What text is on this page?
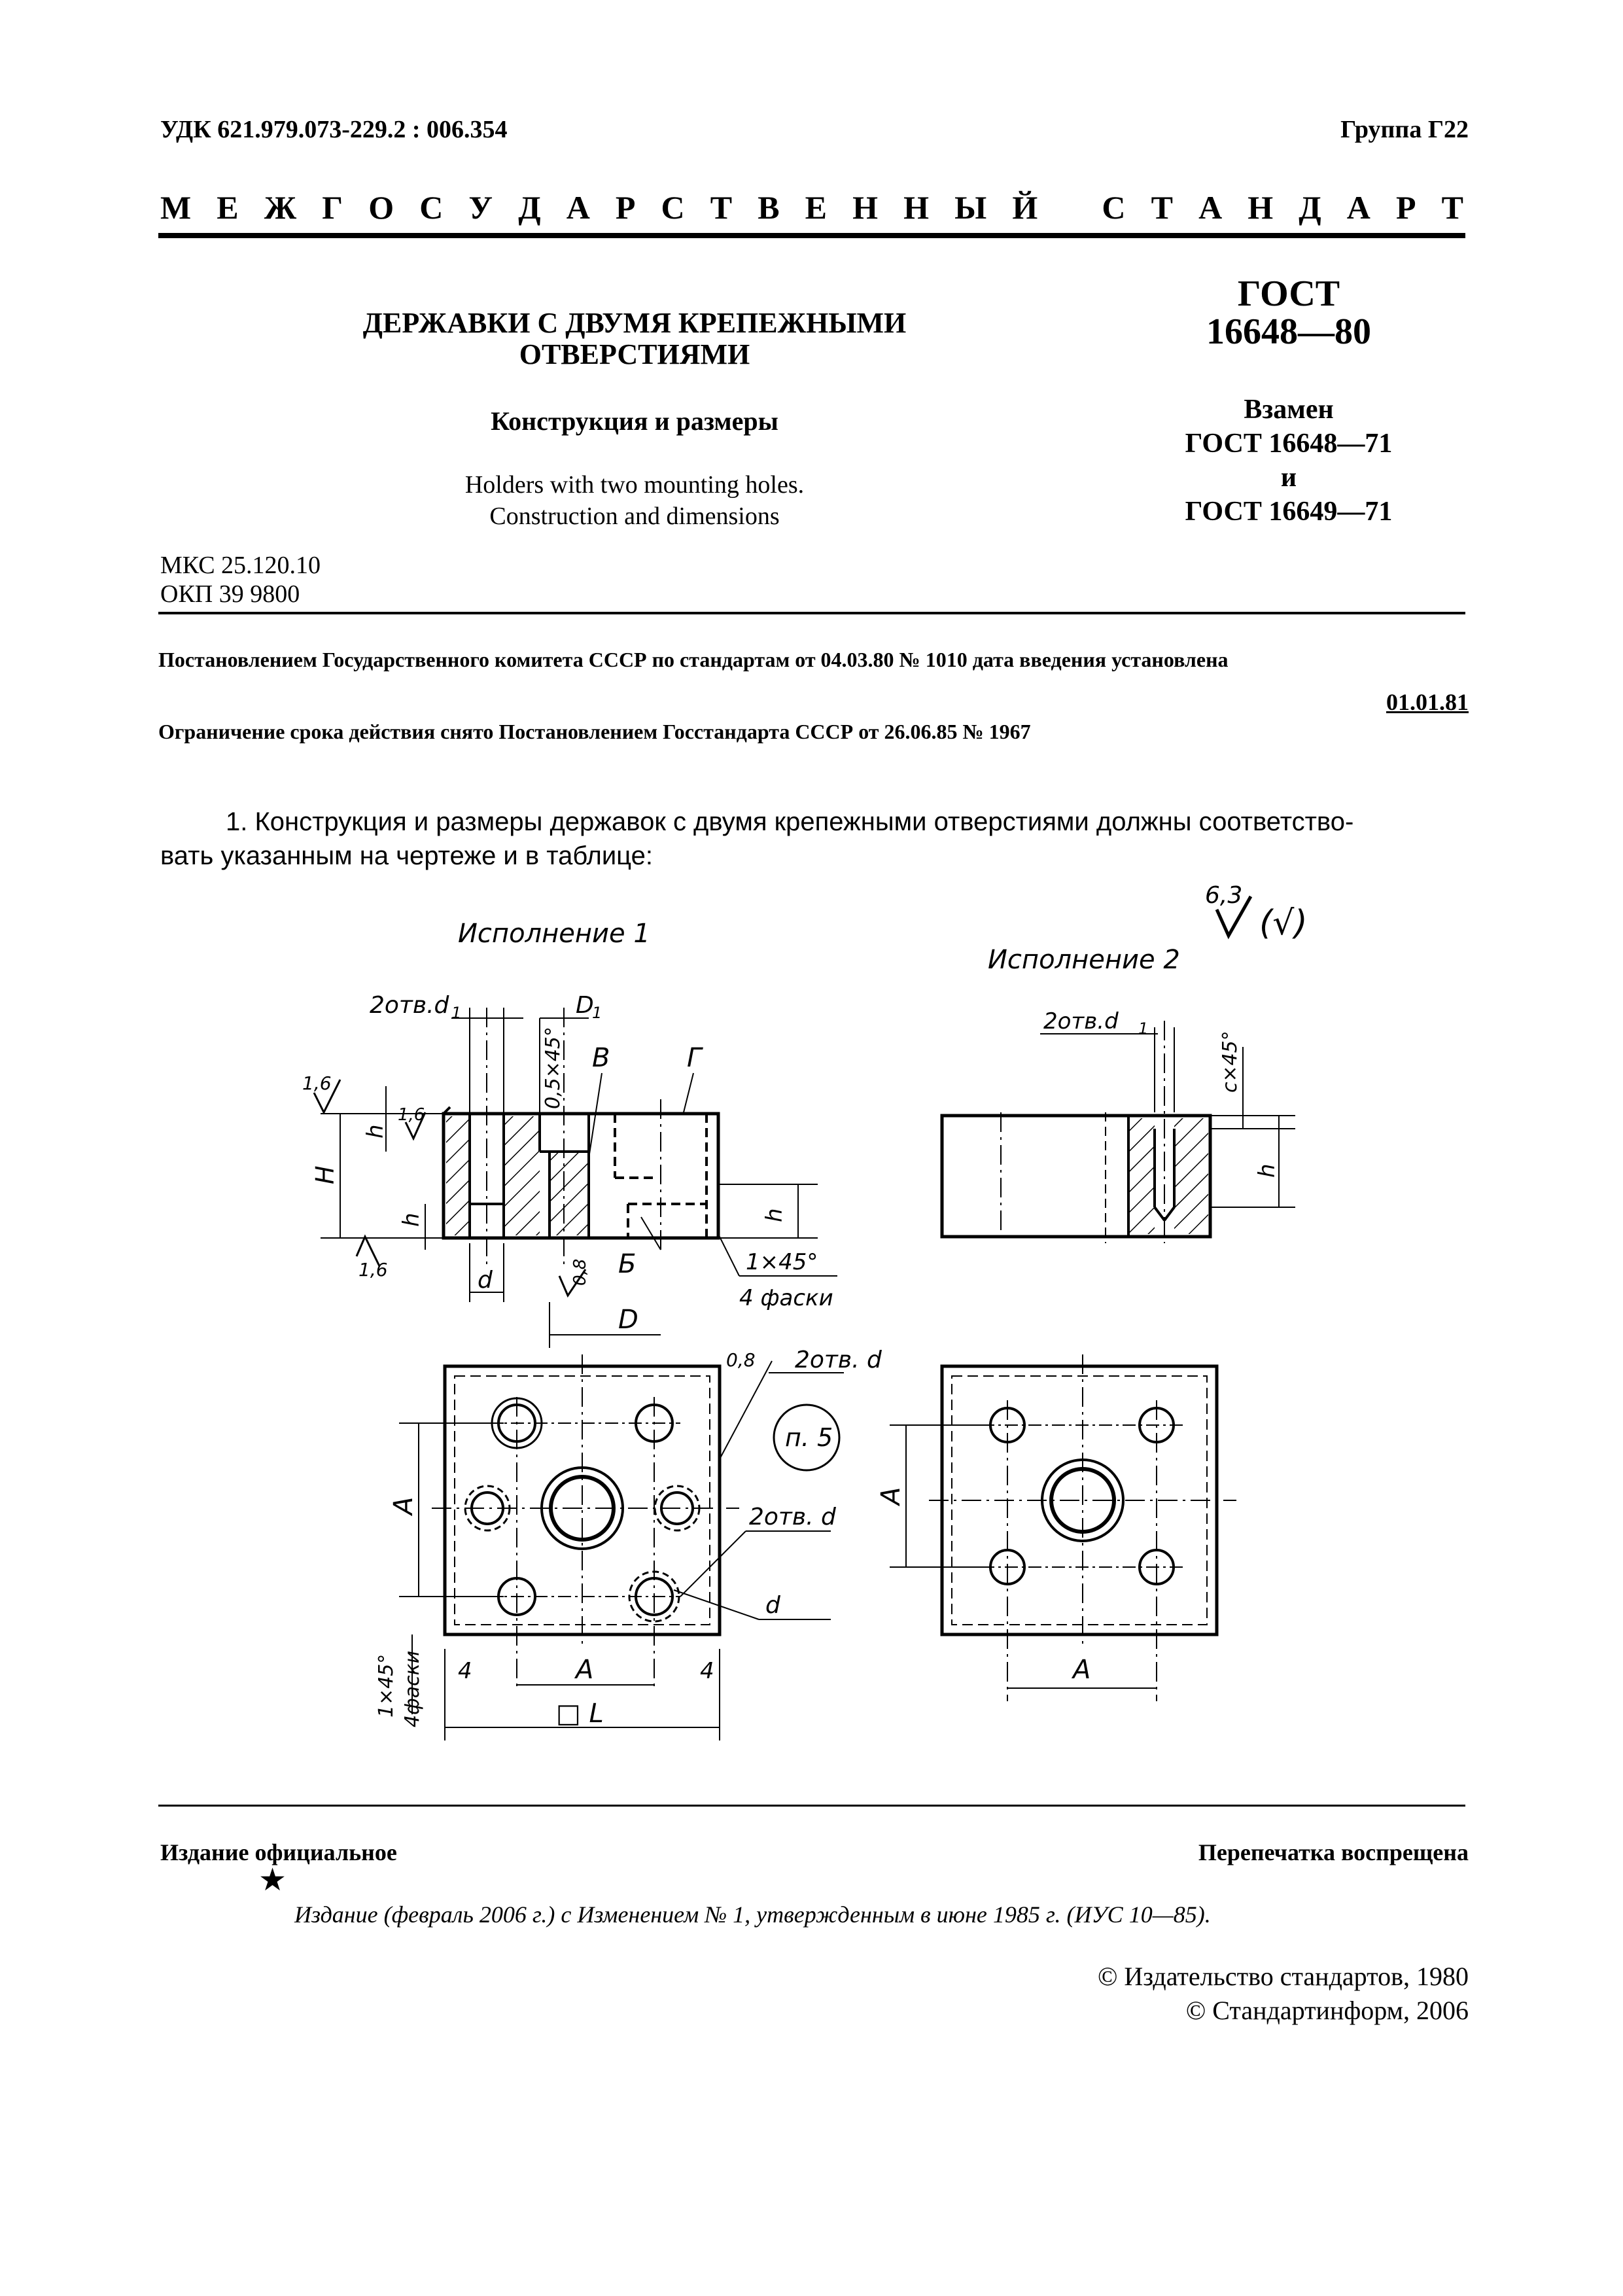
УДК 621.979.073-229.2 : 006.354	Группа Г22
М Е Ж Г О С У Д А Р С Т В Е Н Н Ы Й С Т А Н Д А Р Т
ДЕРЖАВКИ С ДВУМЯ КРЕПЕЖНЫМИ
ОТВЕРСТИЯМИ
Конструкция и размеры
Holders with two mounting holes.
Construction and dimensions
ГОСТ
16648—80
Взамен
ГОСТ 16648—71
и
ГОСТ 16649—71
МКС 25.120.10
ОКП 39 9800
Постановлением Государственного комитета СССР по стандартам от 04.03.80 № 1010 дата введения установлена
01.01.81
Ограничение срока действия снято Постановлением Госстандарта СССР от 26.06.85 № 1967
1. Конструкция и размеры державок с двумя крепежными отверстиями должны соответство-
вать указанным на чертеже и в таблице:
Исполнение 1
Исполнение 2
6,3
(√)
2отв.d 1	D
1
0,5×45° В	Г
1,6
1,6
1,6
h
H
h	h
Б
d	0,8	1×45°
4 фаски
D
0,8 2отв. d
п. 5
2отв. d
d
A
A
4	4
□ L
1×45° 4фаски
2отв.d 1
c×45°
h
A
A
Издание официальное	Перепечатка воспрещена
★
Издание (февраль 2006 г.) с Изменением № 1, утвержденным в июне 1985 г. (ИУС 10—85).
© Издательство стандартов, 1980
© Стандартинформ, 2006
